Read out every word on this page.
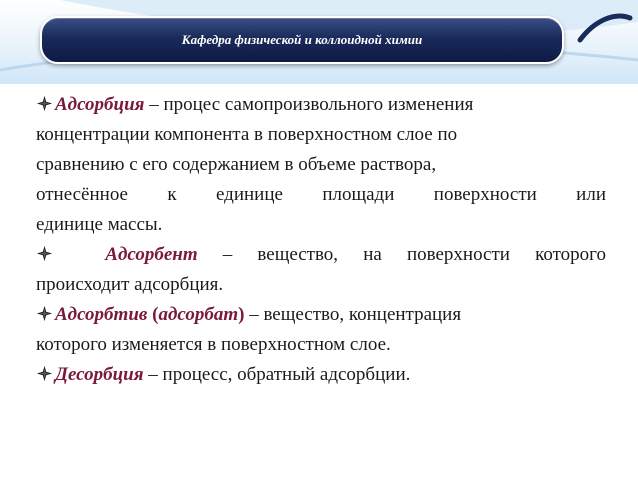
Кафедра физической и коллоидной химии

Адсорбция – процес самопроизвольного изменения
концентрации компонента в поверхностном слое по
сравнению с его содержанием в объеме раствора,
отнесённое к единице площади поверхности или
единице массы.

Адсорбент – вещество, на поверхности которого
происходит адсорбция.

Адсорбтив (адсорбат) – вещество, концентрация
которого изменяется в поверхностном слое.

Десорбция – процесс, обратный адсорбции.
